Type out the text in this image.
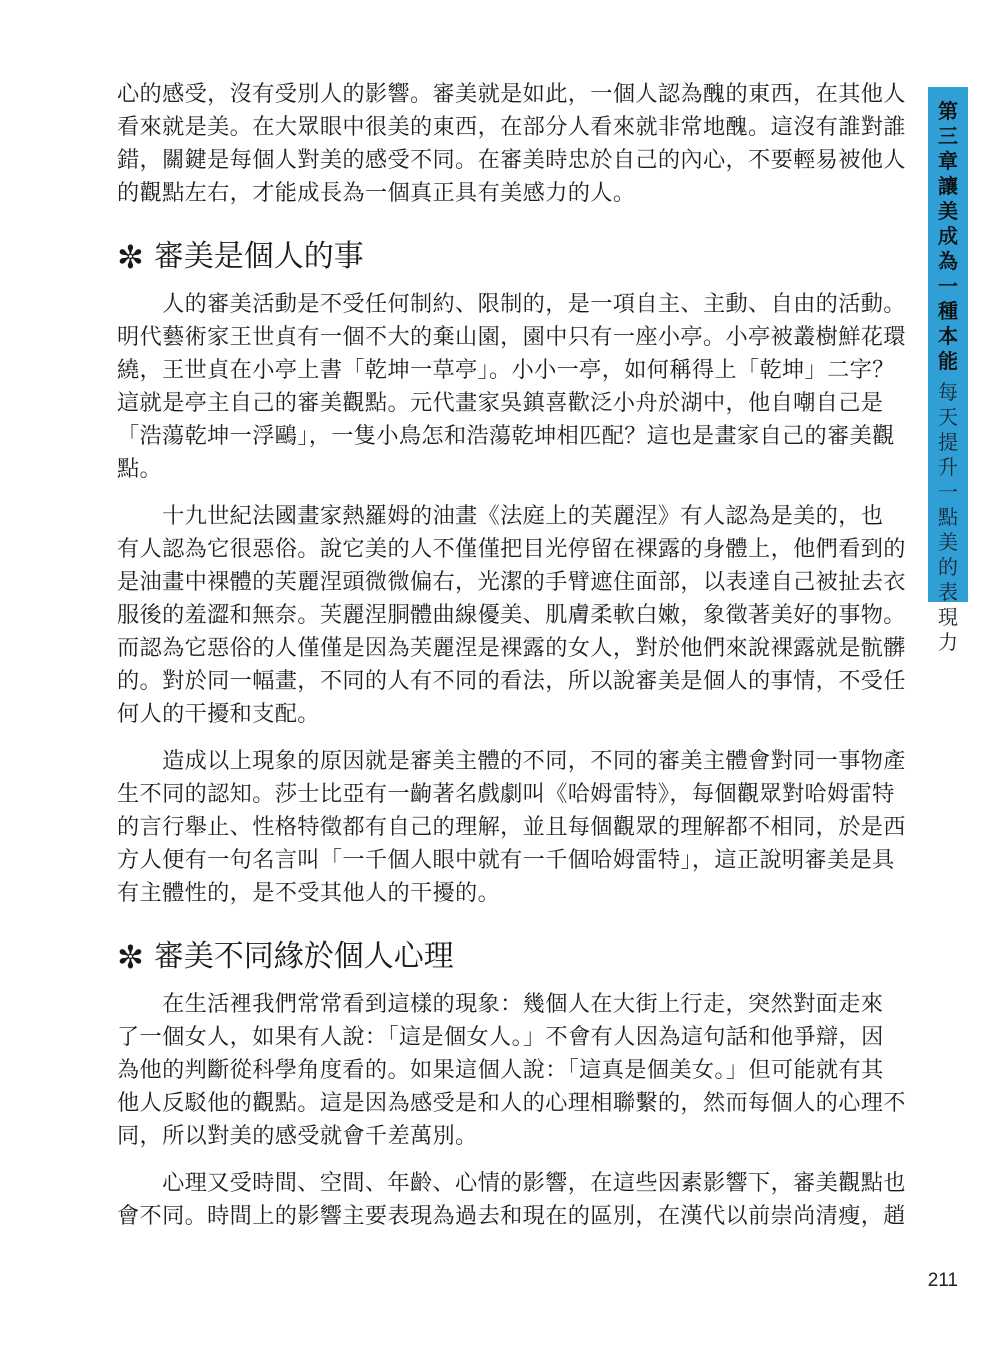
心的感受，沒有受別人的影響。審美就是如此，一個人認為醜的東西，在其他人
看來就是美。在大眾眼中很美的東西，在部分人看來就非常地醜。這沒有誰對誰
錯，關鍵是每個人對美的感受不同。在審美時忠於自己的內心，不要輕易被他人
的觀點左右，才能成長為一個真正具有美感力的人。
✼ 審美是個人的事
　　人的審美活動是不受任何制約、限制的，是一項自主、主動、自由的活動。
明代藝術家王世貞有一個不大的棄山園，園中只有一座小亭。小亭被叢樹鮮花環
繞，王世貞在小亭上書「乾坤一草亭」。小小一亭，如何稱得上「乾坤」二字？
這就是亭主自己的審美觀點。元代畫家吳鎮喜歡泛小舟於湖中，他自嘲自己是
「浩蕩乾坤一浮鷗」，一隻小鳥怎和浩蕩乾坤相匹配？這也是畫家自己的審美觀
點。
　　十九世紀法國畫家熱羅姆的油畫《法庭上的芙麗涅》有人認為是美的，也
有人認為它很惡俗。說它美的人不僅僅把目光停留在裸露的身體上，他們看到的
是油畫中裸體的芙麗涅頭微微偏右，光潔的手臂遮住面部，以表達自己被扯去衣
服後的羞澀和無奈。芙麗涅胴體曲線優美、肌膚柔軟白嫩，象徵著美好的事物。
而認為它惡俗的人僅僅是因為芙麗涅是裸露的女人，對於他們來說裸露就是骯髒
的。對於同一幅畫，不同的人有不同的看法，所以說審美是個人的事情，不受任
何人的干擾和支配。
　　造成以上現象的原因就是審美主體的不同，不同的審美主體會對同一事物產
生不同的認知。莎士比亞有一齣著名戲劇叫《哈姆雷特》，每個觀眾對哈姆雷特
的言行舉止、性格特徵都有自己的理解，並且每個觀眾的理解都不相同，於是西
方人便有一句名言叫「一千個人眼中就有一千個哈姆雷特」，這正說明審美是具
有主體性的，是不受其他人的干擾的。
✼ 審美不同緣於個人心理
　　在生活裡我們常常看到這樣的現象：幾個人在大街上行走，突然對面走來
了一個女人，如果有人說：「這是個女人。」不會有人因為這句話和他爭辯，因
為他的判斷從科學角度看的。如果這個人說：「這真是個美女。」但可能就有其
他人反駁他的觀點。這是因為感受是和人的心理相聯繫的，然而每個人的心理不
同，所以對美的感受就會千差萬別。
　　心理又受時間、空間、年齡、心情的影響，在這些因素影響下，審美觀點也
會不同。時間上的影響主要表現為過去和現在的區別，在漢代以前崇尚清瘦，趙
第
三
章
讓
美
成
為
一
種
本
能
每
天
提
升
一
點
美
的
表
現
力
211
